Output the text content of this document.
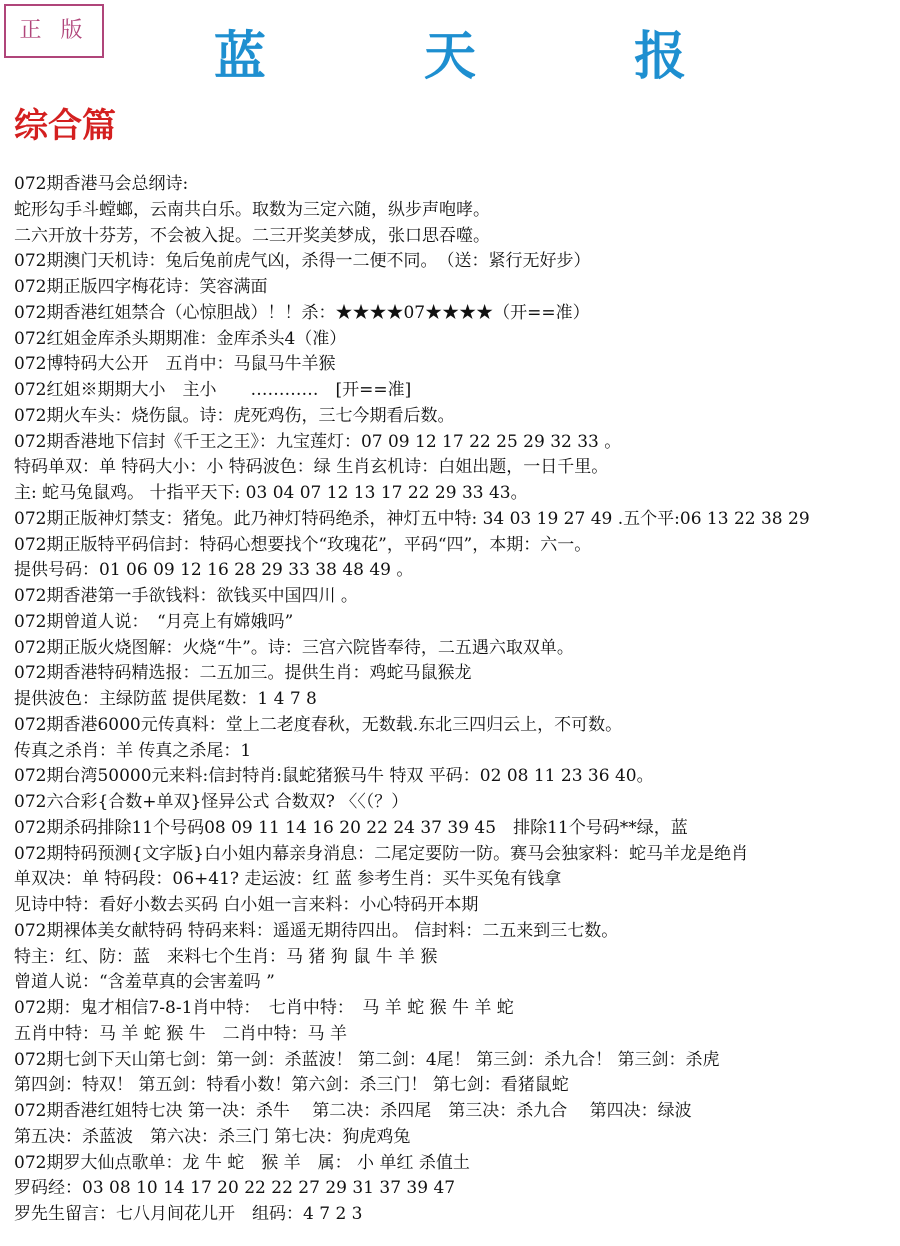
正 版	蓝 天 报
综合篇
072期香港马会总纲诗:
蛇形勾手斗螳螂，云南共白乐。取数为三定六随，纵步声咆哮。
二六开放十芬芳，不会被入捉。二三开奖美梦成，张口思吞噬。
072期澳门天机诗：兔后兔前虎气凶，杀得一二便不同。　（送：紧行无好步）
072期正版四字梅花诗：笑容满面
072期香港红姐禁合（心惊胆战）！！杀：★★★★07★★★★（开==准）
072红姐金库杀头期期准：金库杀头4（准）
072博特码大公开　五肖中：马鼠马牛羊猴
072红姐※期期大小　主小　　…………　[开==准]
072期火车头：烧伤鼠。诗：虎死鸡伤，三七今期看后数。
072期香港地下信封《千王之王》：九宝莲灯：07 09 12 17 22 25 29 32 33 。
特码单双：单 特码大小：小 特码波色：绿 生肖玄机诗：白姐出题，一日千里。
主: 蛇马兔鼠鸡。 十指平天下: 03 04 07 12 13 17 22 29 33 43。
072期正版神灯禁支：猪兔。此乃神灯特码绝杀，神灯五中特: 34 03 19 27 49 .五个平:06 13 22 38 29
072期正版特平码信封：特码心想要找个“玫瑰花”，平码“四”，本期：六一。
提供号码：01 06 09 12 16 28 29 33 38 48 49 。
072期香港第一手欲钱料：欲钱买中国四川 。
072期曾道人说：　“月亮上有嫦娥吗”
072期正版火烧图解：火烧“牛”。诗：三宫六院皆奉待，二五遇六取双单。
072期香港特码精选报：二五加三。提供生肖：鸡蛇马鼠猴龙
提供波色：主绿防蓝 提供尾数：1 4 7 8
072期香港6000元传真料：堂上二老度春秋，无数载.东北三四归云上，不可数。
传真之杀肖：羊 传真之杀尾：1
072期台湾50000元来料:信封特肖:鼠蛇猪猴马牛 特双 平码：02 08 11 23 36 40。
072六合彩{合数+单双}怪异公式 合数双? 〈〈（？）
072期杀码排除11个号码08 09 11 14 16 20 22 24 37 39 45　排除11个号码**绿，蓝
072期特码预测{文字版}白小姐内幕亲身消息：二尾定要防一防。赛马会独家料：蛇马羊龙是绝肖
单双决：单 特码段：06+41? 走运波：红 蓝 参考生肖：买牛买兔有钱拿
见诗中特：看好小数去买码 白小姐一言来料：小心特码开本期
072期裸体美女献特码 特码来料：遥遥无期待四出。 信封料：二五来到三七数。
特主：红、防：蓝　来料七个生肖：马 猪 狗 鼠 牛 羊 猴
曾道人说：“含羞草真的会害羞吗 ”
072期：鬼才相信7-8-1肖中特：　七肖中特：　马 羊 蛇 猴 牛 羊 蛇
五肖中特：马 羊 蛇 猴 牛　二肖中特：马 羊
072期七剑下天山第七剑：第一剑：杀蓝波！ 第二剑：4尾！ 第三剑：杀九合！ 第三剑：杀虎
第四剑：特双！ 第五剑：特看小数！第六剑：杀三门！ 第七剑：看猪鼠蛇
072期香港红姐特七决 第一决：杀牛　 第二决：杀四尾　第三决：杀九合　 第四决：绿波
第五决：杀蓝波　第六决：杀三门 第七决：狗虎鸡兔
072期罗大仙点歌单：龙 牛 蛇　猴 羊　属： 小 单红 杀值土
罗码经：03 08 10 14 17 20 22 22 27 29 31 37 39 47
罗先生留言：七八月间花儿开　组码：4 7 2 3
